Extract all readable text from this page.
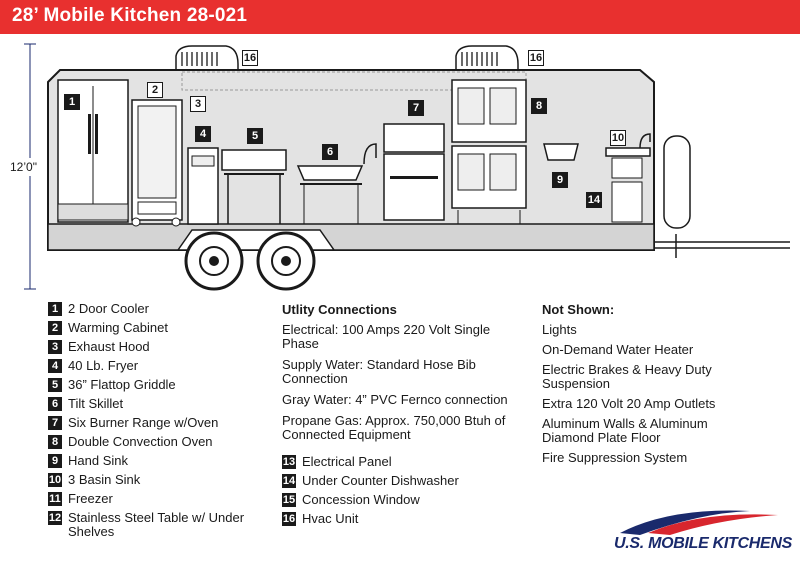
28’ Mobile Kitchen 28-021
12’0"
1
2
3
4	5
6
7	8
9
10
14
16	16
1 2 Door Cooler
2 Warming Cabinet
3 Exhaust Hood
4 40 Lb. Fryer
5 36” Flattop Griddle
6 Tilt Skillet
7 Six Burner Range w/Oven
8 Double Convection Oven
9 Hand Sink
10 3 Basin Sink
11 Freezer
12 Stainless Steel Table w/ Under Shelves
Utlity Connections
Electrical: 100 Amps 220 Volt Single Phase
Supply Water: Standard Hose Bib Connection
Gray Water: 4” PVC Fernco connection
Propane Gas: Approx. 750,000 Btuh of Connected Equipment
13 Electrical Panel
14 Under Counter Dishwasher
15 Concession Window
16 Hvac Unit
Not Shown:
Lights
On-Demand Water Heater
Electric Brakes & Heavy Duty Suspension
Extra 120 Volt 20 Amp Outlets
Aluminum Walls & Aluminum Diamond Plate Floor
Fire Suppression System
U.S. MOBILE KITCHENS
